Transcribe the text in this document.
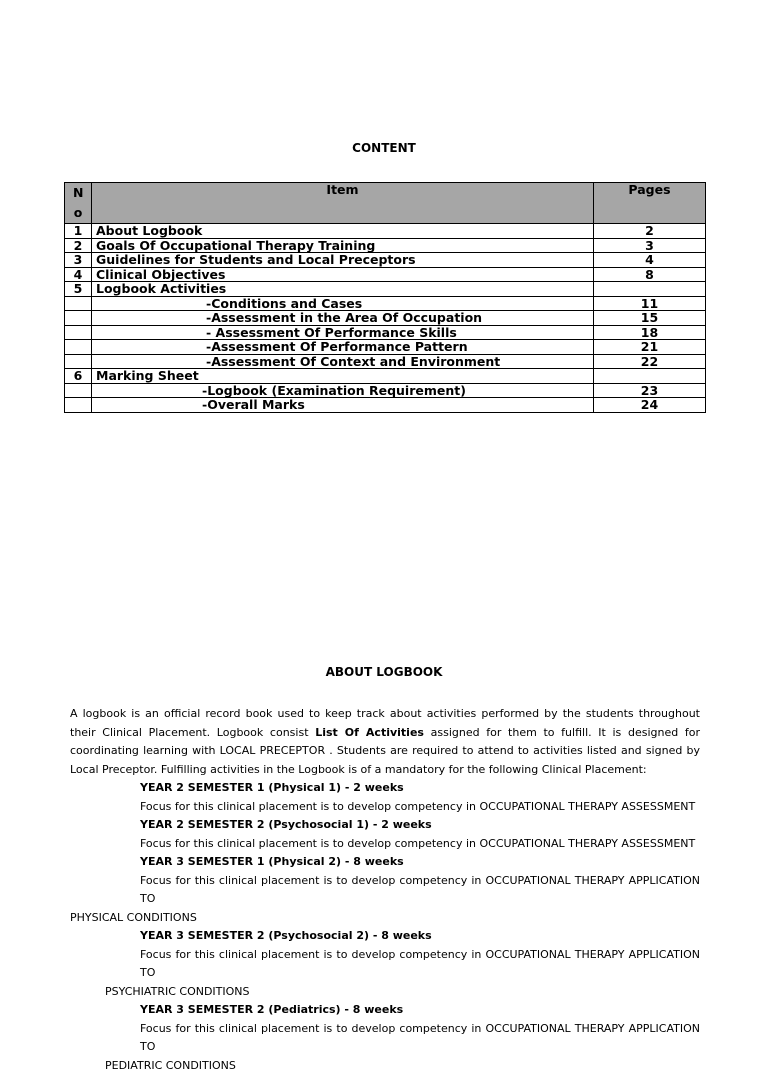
CONTENT
No	Item	Pages
1	About Logbook	2
2	Goals Of Occupational Therapy Training	3
3	Guidelines for Students and Local Preceptors	4
4	Clinical Objectives	8
5	Logbook Activities	
	-Conditions and Cases	11
	-Assessment in the Area Of Occupation	15
	- Assessment Of Performance Skills	18
	-Assessment Of Performance Pattern	21
	-Assessment Of Context and Environment	22
6	Marking Sheet	
	-Logbook (Examination Requirement)	23
	-Overall Marks	24
ABOUT LOGBOOK

A logbook is an official record book used to keep track about activities performed by the students throughout their Clinical Placement. Logbook consist List Of Activities assigned for them to fulfill. It is designed for coordinating learning with LOCAL PRECEPTOR . Students are required to attend to activities listed and signed by Local Preceptor. Fulfilling activities in the Logbook is of a mandatory for the following Clinical Placement:

YEAR 2 SEMESTER 1 (Physical 1) - 2 weeks

Focus for this clinical placement is to develop competency in OCCUPATIONAL THERAPY ASSESSMENT

YEAR 2 SEMESTER 2 (Psychosocial 1) - 2 weeks

Focus for this clinical placement is to develop competency in OCCUPATIONAL THERAPY ASSESSMENT

YEAR 3 SEMESTER 1 (Physical 2) - 8 weeks

Focus for this clinical placement is to develop competency in OCCUPATIONAL THERAPY APPLICATION TO

PHYSICAL CONDITIONS

YEAR 3 SEMESTER 2 (Psychosocial 2) - 8 weeks

Focus for this clinical placement is to develop competency in OCCUPATIONAL THERAPY APPLICATION TO

PSYCHIATRIC CONDITIONS

YEAR 3 SEMESTER 2 (Pediatrics) - 8 weeks

Focus for this clinical placement is to develop competency in OCCUPATIONAL THERAPY APPLICATION TO

PEDIATRIC CONDITIONS
